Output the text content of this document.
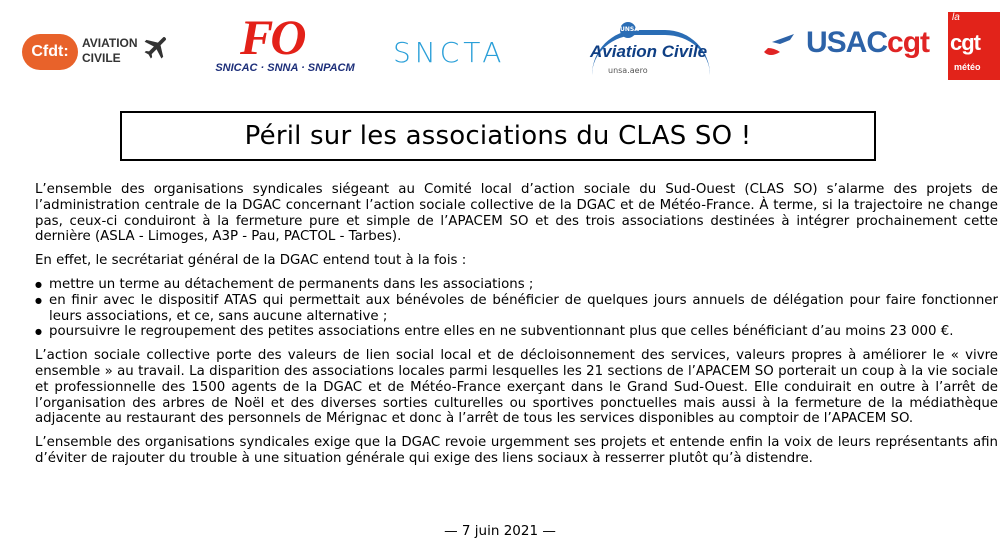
Cfdt:	AVIATION
CIVILE	FO
SNICAC · SNNA · SNPACM SNCTA
UNSA
Aviation Civile
unsa.aero
USACcgt
la
cgt
météo
Péril sur les associations du CLAS SO !

L’ensemble des organisations syndicales siégeant au Comité local d’action sociale du Sud-Ouest (CLAS SO) s’alarme des projets de l’administration centrale de la DGAC concernant l’action sociale collective de la DGAC et de Météo-France. À terme, si la trajectoire ne change pas, ceux-ci conduiront à la fermeture pure et simple de l’APACEM SO et des trois associations destinées à intégrer prochainement cette dernière (ASLA - Limoges, A3P - Pau, PACTOL - Tarbes).

En effet, le secrétariat général de la DGAC entend tout à la fois :

● mettre un terme au détachement de permanents dans les associations ;
● en finir avec le dispositif ATAS qui permettait aux bénévoles de bénéficier de quelques jours annuels de délégation pour faire fonctionner leurs associations, et ce, sans aucune alternative ;
● poursuivre le regroupement des petites associations entre elles en ne subventionnant plus que celles bénéficiant d’au moins 23 000 €.

L’action sociale collective porte des valeurs de lien social local et de décloisonnement des services, valeurs propres à améliorer le « vivre ensemble » au travail. La disparition des associations locales parmi lesquelles les 21 sections de l’APACEM SO porterait un coup à la vie sociale et professionnelle des 1500 agents de la DGAC et de Météo-France exerçant dans le Grand Sud-Ouest. Elle conduirait en outre à l’arrêt de l’organisation des arbres de Noël et des diverses sorties culturelles ou sportives ponctuelles mais aussi à la fermeture de la médiathèque adjacente au restaurant des personnels de Mérignac et donc à l’arrêt de tous les services disponibles au comptoir de l’APACEM SO.

L’ensemble des organisations syndicales exige que la DGAC revoie urgemment ses projets et entende enfin la voix de leurs représentants afin d’éviter de rajouter du trouble à une situation générale qui exige des liens sociaux à resserrer plutôt qu’à distendre.

— 7 juin 2021 —
